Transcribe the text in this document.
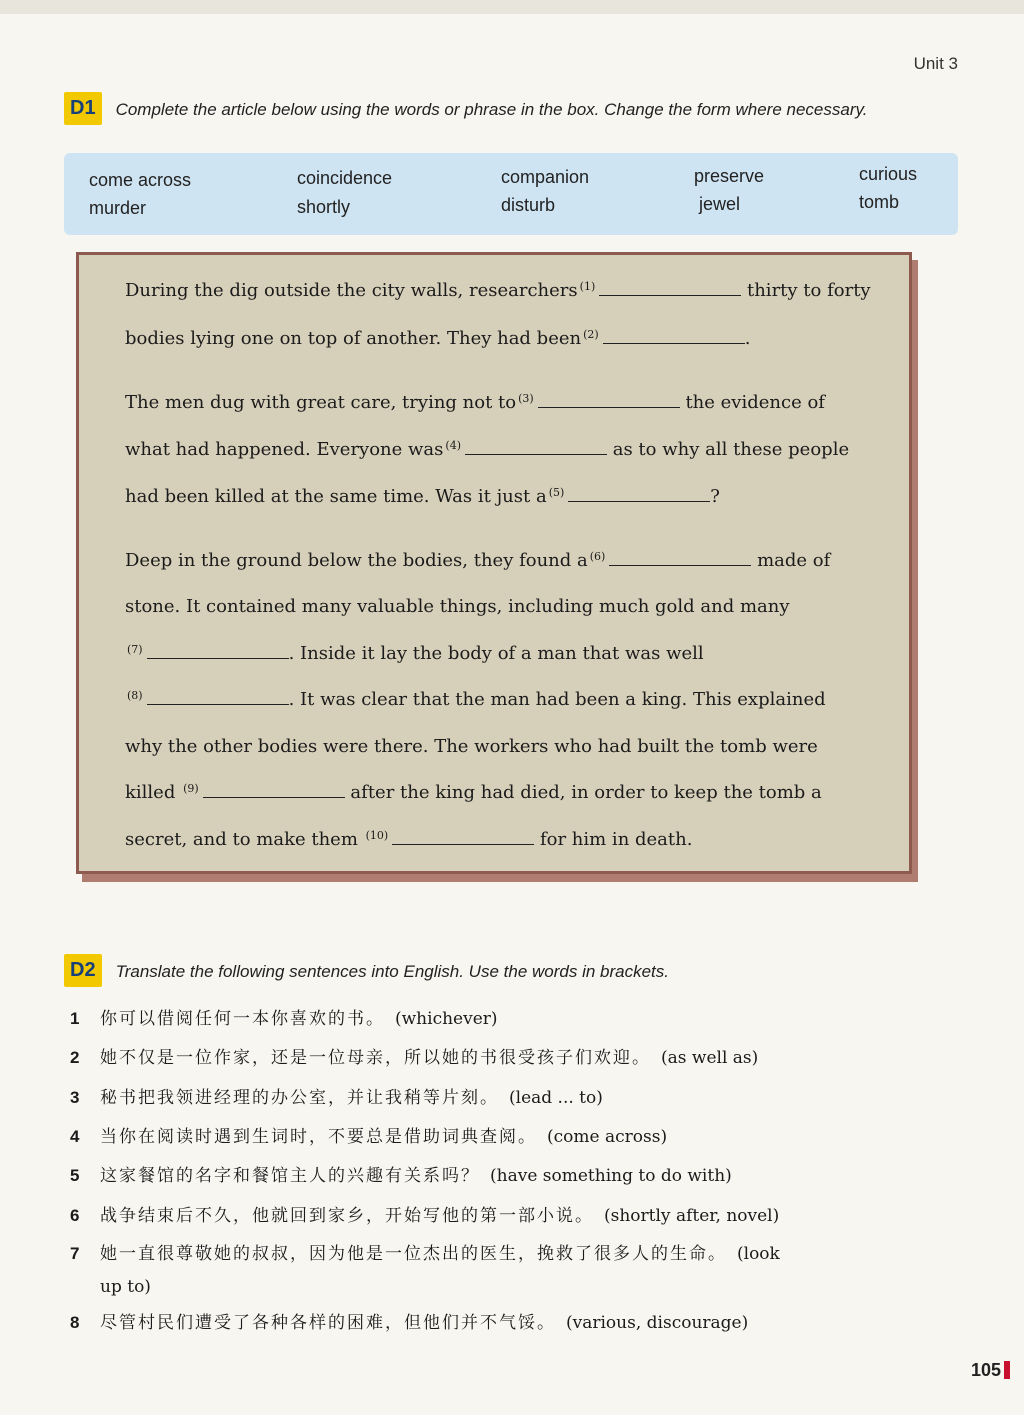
Unit 3
D1 Complete the article below using the words or phrase in the box. Change the form where necessary.
come across	coincidence	companion	preserve	curious
murder	shortly	disturb	jewel	tomb
During the dig outside the city walls, researchers $^{(1)}$	thirty to forty
bodies lying one on top of another. They had been $^{(2)}$	.
The men dug with great care, trying not to $^{(3)}$	the evidence of
what had happened. Everyone was $^{(4)}$	as to why all these people
had been killed at the same time. Was it just a $^{(5)}$	?
Deep in the ground below the bodies, they found a $^{(6)}$	made of
stone. It contained many valuable things, including much gold and many
$^{(7)}$	. Inside it lay the body of a man that was well
$^{(8)}$	. It was clear that the man had been a king. This explained
why the other bodies were there. The workers who had built the tomb were
killed $^{(9)}$	after the king had died, in order to keep the tomb a
secret, and to make them $^{(10)}$	for him in death.
D2 Translate the following sentences into English. Use the words in brackets.
1 你可以借阅任何一本你喜欢的书。 (whichever)
2 她不仅是一位作家，还是一位母亲，所以她的书很受孩子们欢迎。 (as well as)
3 秘书把我领进经理的办公室，并让我稍等片刻。 (lead ... to)
4 当你在阅读时遇到生词时，不要总是借助词典查阅。 (come across)
5 这家餐馆的名字和餐馆主人的兴趣有关系吗？ (have something to do with)
6 战争结束后不久，他就回到家乡，开始写他的第一部小说。 (shortly after, novel)
7 她一直很尊敬她的叔叔，因为他是一位杰出的医生，挽救了很多人的生命。 (look
up to)
8 尽管村民们遭受了各种各样的困难，但他们并不气馁。 (various, discourage)
105
